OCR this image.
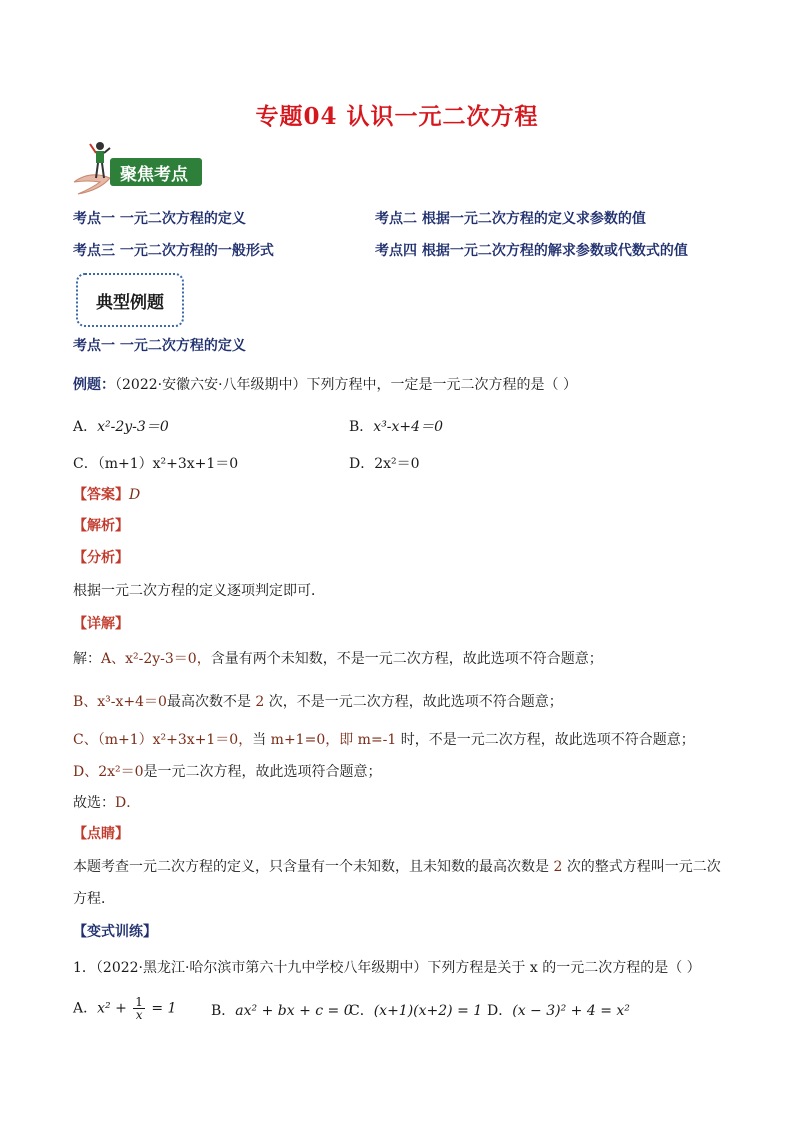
专题04 认识一元二次方程
聚焦考点
考点一 一元二次方程的定义	考点二 根据一元二次方程的定义求参数的值
考点三 一元二次方程的一般形式	考点四 根据一元二次方程的解求参数或代数式的值
典型例题
考点一 一元二次方程的定义
例题：（2022·安徽六安·八年级期中）下列方程中，一定是一元二次方程的是（ ）
A．x²-2y-3＝0	B．x³-x+4＝0
C．（m+1）x²+3x+1＝0	D．2x²＝0
【答案】D
【解析】
【分析】
根据一元二次方程的定义逐项判定即可．
【详解】
解：A、x²-2y-3＝0，含量有两个未知数，不是一元二次方程，故此选项不符合题意；
B、x³-x+4＝0最高次数不是 2 次，不是一元二次方程，故此选项不符合题意；
C、（m+1）x²+3x+1＝0，当 m+1=0，即 m=-1 时，不是一元二次方程，故此选项不符合题意；
D、2x²＝0是一元二次方程，故此选项符合题意；
故选：D．
【点睛】
本题考查一元二次方程的定义，只含量有一个未知数，且未知数的最高次数是 2 次的整式方程叫一元二次
方程．
【变式训练】
1．（2022·黑龙江·哈尔滨市第六十九中学校八年级期中）下列方程是关于 x 的一元二次方程的是（ ）
A．$x^2 + \frac{1}{x} = 1$ B．ax² + bx + c = 0
C．(x+1)(x+2) = 1 D．(x − 3)² + 4 = x²
